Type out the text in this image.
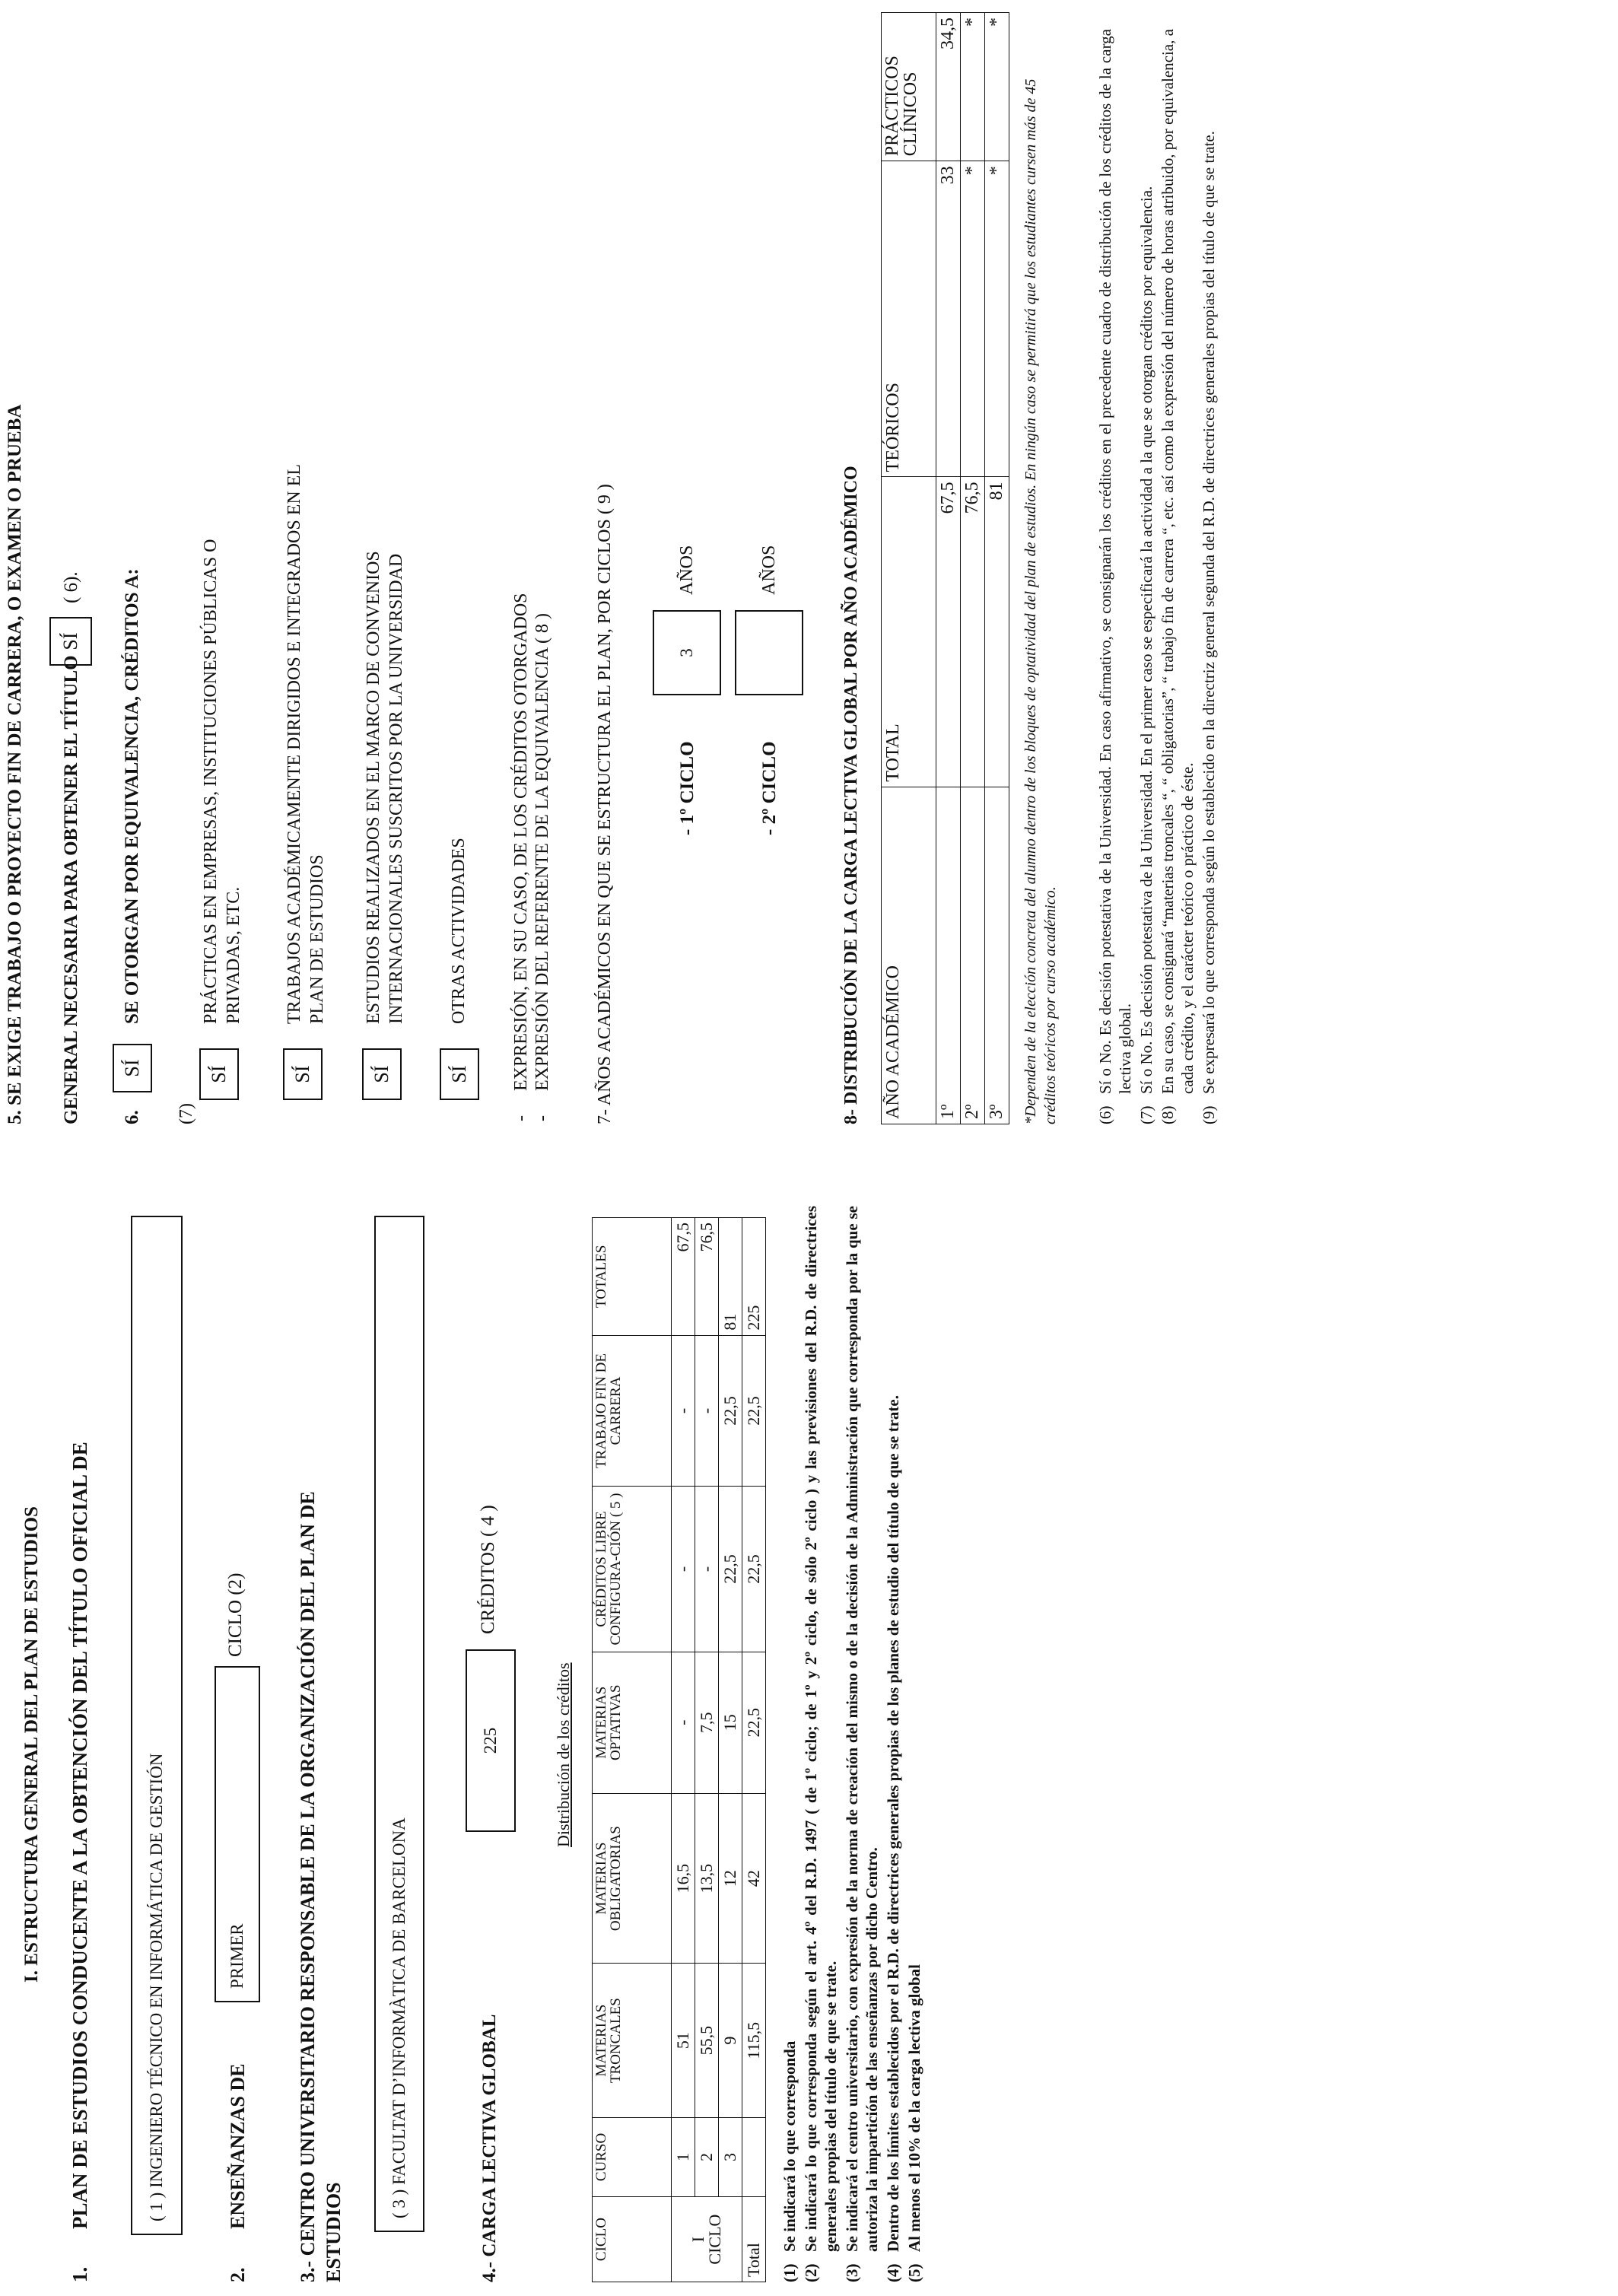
I. ESTRUCTURA GENERAL DEL PLAN DE ESTUDIOS
1.
PLAN DE ESTUDIOS CONDUCENTE A LA OBTENCIÓN DEL TÍTULO OFICIAL DE	( 1 ) INGENIERO TÉCNICO EN INFORMÁTICA DE GESTIÓN
2.
ENSEÑANZAS DE
PRIMER
CICLO (2)	3.- CENTRO UNIVERSITARIO RESPONSABLE DE LA ORGANIZACIÓN DEL PLAN DE ESTUDIOS
( 3 ) FACULTAT D’INFORMÀTICA DE BARCELONA	4.- CARGA LECTIVA GLOBAL
225
CRÉDITOS ( 4 )
Distribución de los créditos
CICLO	CURSO	MATERIAS TRONCALES	MATERIAS OBLIGATORIAS	MATERIAS OPTATIVAS	CRÉDITOS LIBRE CONFIGURA-CIÓN ( 5 )	TRABAJO FIN DE CARRERA	TOTALES

I
CICLO	1	51	16,5	-	-	-	67,5
	2	55,5	13,5	7,5	-	-	76,5
	3	9	12	15	22,5	22,5	81
Total		115,5	42	22,5	22,5	22,5	225
(1)
Se indicará lo que corresponda
(2)
Se indicará lo que corresponda según el art. 4º del R.D. 1497 ( de 1º ciclo; de 1º y 2º ciclo, de sólo 2º ciclo ) y las previsiones del R.D. de directrices generales propias del título de que se trate.
(3)
Se indicará el centro universitario, con expresión de la norma de creación del mismo o de la decisión de la Administración que corresponda por la que se autoriza la impartición de las enseñanzas por dicho Centro.
(4)
Dentro de los límites establecidos por el R.D. de directrices generales propias de los planes de estudio del título de que se trate.
(5)
Al menos el 10% de la carga lectiva global
5. SE EXIGE TRABAJO O PROYECTO FIN DE CARRERA, O EXAMEN O PRUEBA GENERAL NECESARIA PARA OBTENER EL TÍTULO
SÍ
( 6).
6.
SÍ
SE OTORGAN POR EQUIVALENCIA, CRÉDITOS A:
(7)
SÍ
PRÁCTICAS EN EMPRESAS, INSTITUCIONES PÚBLICAS O PRIVADAS, ETC.
SÍ
TRABAJOS ACADÉMICAMENTE DIRIGIDOS E INTEGRADOS EN EL PLAN DE ESTUDIOS
SÍ
ESTUDIOS REALIZADOS EN EL MARCO DE CONVENIOS INTERNACIONALES SUSCRITOS POR LA UNIVERSIDAD
SÍ
OTRAS ACTIVIDADES
-
EXPRESIÓN, EN SU CASO, DE LOS CRÉDITOS OTORGADOS
-
EXPRESIÓN DEL REFERENTE DE LA EQUIVALENCIA ( 8 ) 7- AÑOS ACADÉMICOS EN QUE SE ESTRUCTURA EL PLAN, POR CICLOS ( 9 )	- 1º CICLO
3
AÑOS
- 2º CICLO
AÑOS	8- DISTRIBUCIÓN DE LA CARGA LECTIVA GLOBAL POR AÑO ACADÉMICO AÑO ACADÉMICO	TOTAL	TEÓRICOS	PRÁCTICOS CLÍNICOS
1º	67,5	33	34,5
2º	76,5	*	*
3º	81	*	*
*Dependen de la elección concreta del alumno dentro de los bloques de optatividad del plan de estudios. En ningún caso se permitirá que los estudiantes cursen más de 45 créditos teóricos por curso académico. (6)
Sí o No. Es decisión potestativa de la Universidad. En caso afirmativo, se consignarán los créditos en el precedente cuadro de distribución de los créditos de la carga lectiva global.
(7)
Sí o No. Es decisión potestativa de la Universidad. En el primer caso se especificará la actividad a la que se otorgan créditos por equivalencia.
(8)
En su caso, se consignará “materias troncales “, “ obligatorias”, “ trabajo fin de carrera “, etc. así como la expresión del número de horas atribuido, por equivalencia, a cada crédito, y el carácter teórico o práctico de éste.
(9)
Se expresará lo que corresponda según lo establecido en la directriz general segunda del R.D. de directrices generales propias del título de que se trate.
